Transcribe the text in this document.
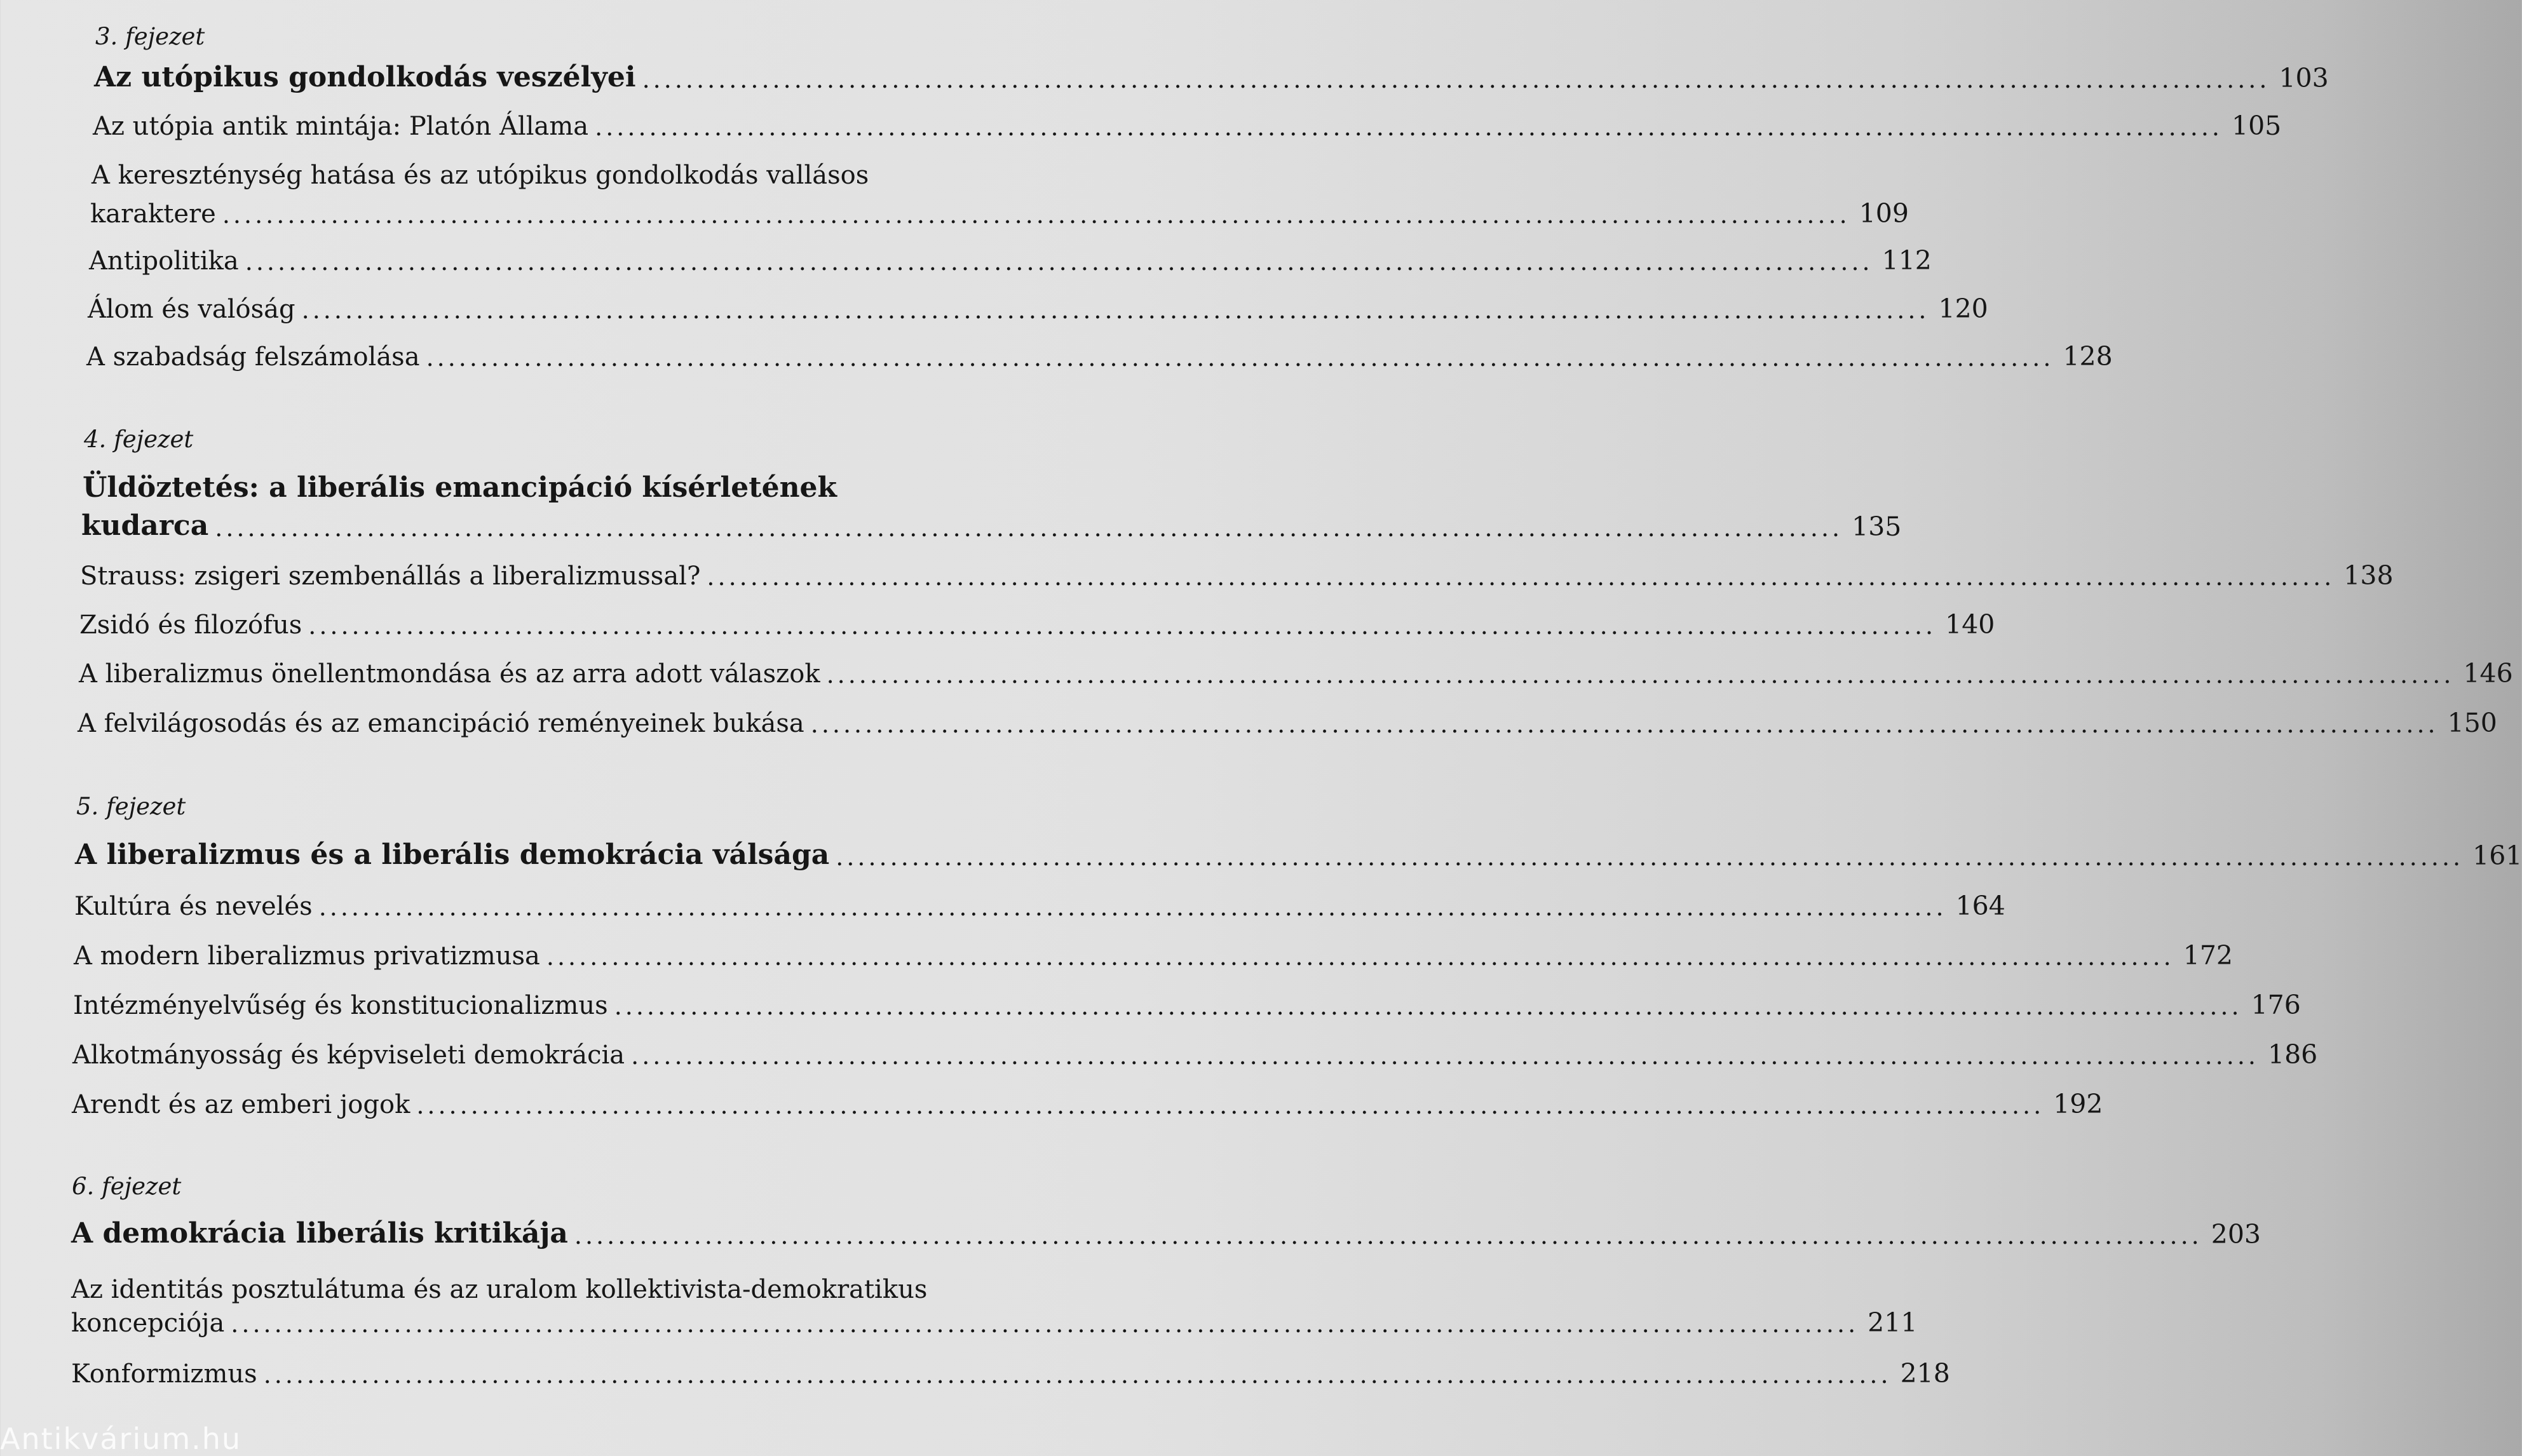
3. fejezet
Az utópikus gondolkodás veszélyei ...................................................................................................................................................... 103
Az utópia antik mintája: Platón Állama ...................................................................................................................................................... 105
A kereszténység hatása és az utópikus gondolkodás vallásos
karaktere ...................................................................................................................................................... 109
Antipolitika ...................................................................................................................................................... 112
Álom és valóság ...................................................................................................................................................... 120
A szabadság felszámolása ...................................................................................................................................................... 128
4. fejezet
Üldöztetés: a liberális emancipáció kísérletének
kudarca ...................................................................................................................................................... 135
Strauss: zsigeri szembenállás a liberalizmussal? ...................................................................................................................................................... 138
Zsidó és filozófus ...................................................................................................................................................... 140
A liberalizmus önellentmondása és az arra adott válaszok ...................................................................................................................................................... 146
A felvilágosodás és az emancipáció reményeinek bukása ...................................................................................................................................................... 150
5. fejezet
A liberalizmus és a liberális demokrácia válsága ...................................................................................................................................................... 161
Kultúra és nevelés ...................................................................................................................................................... 164
A modern liberalizmus privatizmusa ...................................................................................................................................................... 172
Intézményelvűség és konstitucionalizmus ...................................................................................................................................................... 176
Alkotmányosság és képviseleti demokrácia ...................................................................................................................................................... 186
Arendt és az emberi jogok ...................................................................................................................................................... 192
6. fejezet
A demokrácia liberális kritikája ...................................................................................................................................................... 203
Az identitás posztulátuma és az uralom kollektivista-demokratikus
koncepciója ...................................................................................................................................................... 211
Konformizmus ...................................................................................................................................................... 218
Antikvárium.hu
